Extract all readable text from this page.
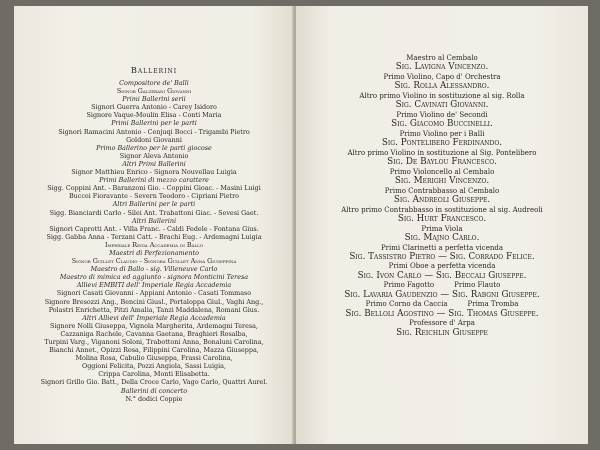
Ballerini
Compositore de' Balli
Signor Galzerani Giovanni
Primi Ballerini serii
Signori Guerra Antonio - Carey Isidoro
Signore Vaque-Moulin Elisa - Conti Maria
Primi Ballerini per le parti
Signori Ramacini Antonio - Cenjuqi Bocci - Trigambi Pietro
Goldoni Giovanni
Primo Ballerino per le parti giocose
Signor Aleva Antonio
Altri Primi Ballerini
Signor Matthieu Enrico - Signora Nouvellau Luigia
Primi Ballerini di mezzo carattere
Sigg. Coppini Ant. - Baranzoni Gio. - Coppini Gioac. - Masini Luigi
Buccei Fioravante - Severn Teodoro - Cipriani Pietro
Altri Ballerini per le parti
Sigg. Bianciardi Carlo - Silei Ant. Trabattoni Giac. - Sevesi Gaet.
Altri Ballerini
Signori Caprotti Ant. - Villa Franc. - Caldi Fedele - Fontana Gius.
Sigg. Gabba Anna - Terzani Catt. - Brachi Eug. - Ardemagni Luigia
Imperiale Regia Accademia di Ballo
Maestri di Perfezionamento
Signor Guillet Claudio - Signora Guillet Anna Giuseppina
Maestro di Ballo - sig. Villeneuve Carlo
Maestro di mimica ed aggiunto - signora Monticini Teresa
Allievi EMBITI dell' Imperiale Regia Accademia
Signori Casati Giovanni - Appiani Antonio - Casati Tommaso
Signore Bresozzi Ang., Bencini Giusl., Portaloppa Giul., Vaghi Ang.,
Polastri Enrichetta, Pitzi Amalia, Tanzi Maddalena, Romani Gius.
Altri Allievi dell' Imperiale Regia Accademia
Signore Nolli Giuseppa, Vignola Margherita, Ardemagni Teresa,
Cazzaniga Rachele, Cavanna Gaetana, Braghieri Rosalba,
Turpini Varg., Viganoni Soloni, Trabottoni Anna, Bonaluni Carolina,
Bianchi Annet., Opizzi Rosa, Filippini Carolina, Mazza Giuseppa,
Molina Rosa, Cabulio Giuseppa, Frassi Carolina,
Oggioni Felicita, Pozzi Angiola, Sassi Luigia,
Crippa Carolina, Monti Elisabetta.
Signori Grillo Gio. Batt., Della Croce Carlo, Vago Carlo, Quattri Aurel.
Ballerini di concerto
N.° dodici Coppie
Maestro al Cembalo
Sig. Lavigna Vincenzo.
Primo Violino, Capo d' Orchestra
Sig. Rolla Alessandro.
Altro primo Violino in sostituzione al sig. Rolla
Sig. Cavinati Giovanni.
Primo Violino de' Secondi
Sig. Giacomo Buccinelli.
Primo Violino per i Balli
Sig. Pontelibero Ferdinando.
Altro primo Violino in sostituzione al Sig. Pontelibero
Sig. De Baylou Francesco.
Primo Violoncello al Cembalo
Sig. Merighi Vincenzo.
Primo Contrabbasso al Cembalo
Sig. Andreoli Giuseppe.
Altro primo Contrabbasso in sostituzione al sig. Audreoli
Sig. Hurt Francesco.
Prima Viola
Sig. Majno Carlo.
Primi Clarinetti a perfetta vicenda
Sig. Tassistro Pietro — Sig. Corrado Felice.
Primi Oboe a perfetta vicenda
Sig. Ivon Carlo — Sig. Beccali Giuseppe.
Primo Fagotto	Primo Flauto
Sig. Lavaria Gaudenzio — Sig. Rabgni Giuseppe.
Primo Corno da Caccia	Prima Tromba
Sig. Belloli Agostino — Sig. Thomas Giuseppe.
Professore d' Arpa
Sig. Reichlin Giuseppe
